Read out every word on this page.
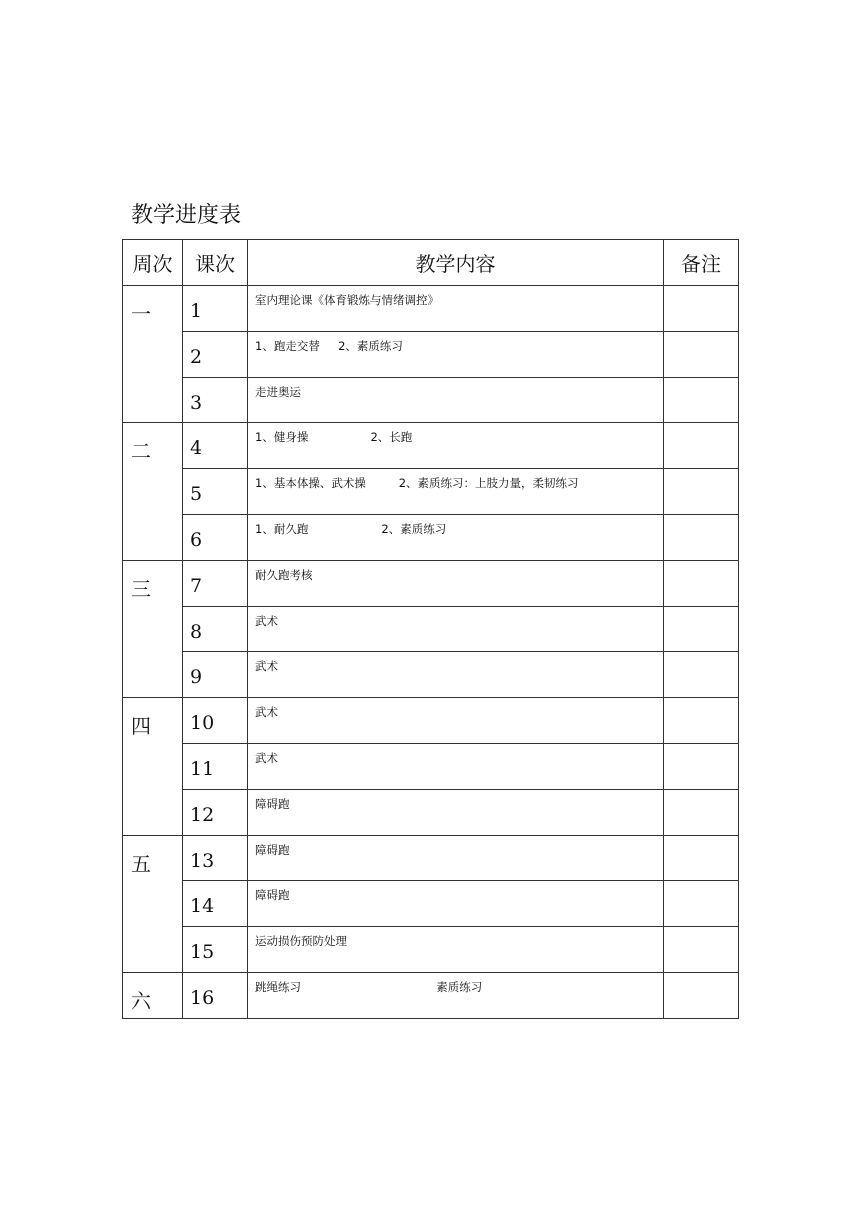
教学进度表
周次	课次	教学内容	备注
一	1	室内理论课《体育锻炼与情绪调控》	
	2	1、跑走交替     2、素质练习	
	3	走进奥运	
二	4	1、健身操                 2、长跑	
	5	1、基本体操、武术操         2、素质练习：上肢力量，柔韧练习	
	6	1、耐久跑                    2、素质练习	
三	7	耐久跑考核	
	8	武术	
	9	武术	
四	10	武术	
	11	武术	
	12	障碍跑	
五	13	障碍跑	
	14	障碍跑	
	15	运动损伤预防处理	
六	16	跳绳练习                                     素质练习	
